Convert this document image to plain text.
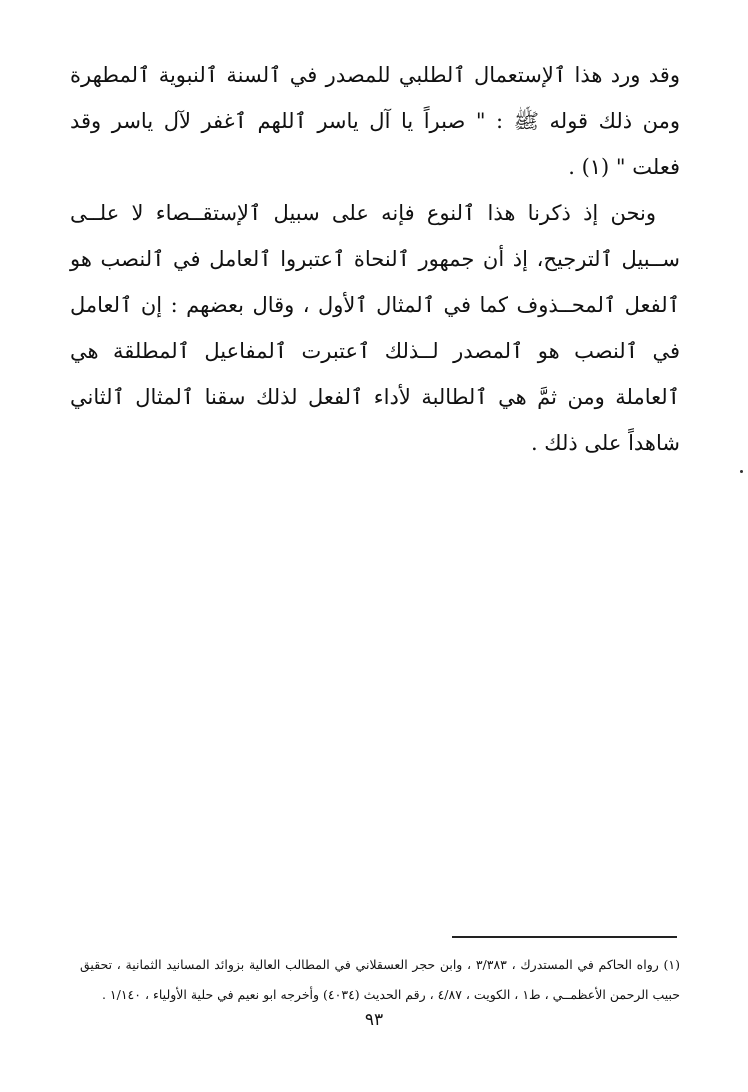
وقد ورد هذا ٱلإستعمال ٱلطلبي للمصدر في ٱلسنة ٱلنبوية ٱلمطهرة ومن ذلك قوله ﷺ : " صبراً يا آل ياسر ٱللهم ٱغفر لآل ياسر وقد فعلت " (١) .

ونحن إذ ذكرنا هذا ٱلنوع فإنه على سبيل ٱلإستقــصاء لا علــى ســبيل ٱلترجيح، إذ أن جمهور ٱلنحاة ٱعتبروا ٱلعامل في ٱلنصب هو ٱلفعل ٱلمحــذوف كما في ٱلمثال ٱلأول ، وقال بعضهم : إن ٱلعامل في ٱلنصب هو ٱلمصدر لــذلك ٱعتبرت ٱلمفاعيل ٱلمطلقة هي ٱلعاملة ومن ثمَّ هي ٱلطالبة لأداء ٱلفعل لذلك سقنا ٱلمثال ٱلثاني شاهداً على ذلك .

(١) رواه الحاكم في المستدرك ، ٣/٣٨٣ ، وابن حجر العسقلاني في المطالب العالية بزوائد المسانيد الثمانية ، تحقيق حبيب الرحمن الأعظمــي ، ط١ ، الكويت ، ٤/٨٧ ، رقم الحديث (٤٠٣٤) وأخرجه ابو نعيم في حلية الأولياء ، ١/١٤٠ .

٩٣
